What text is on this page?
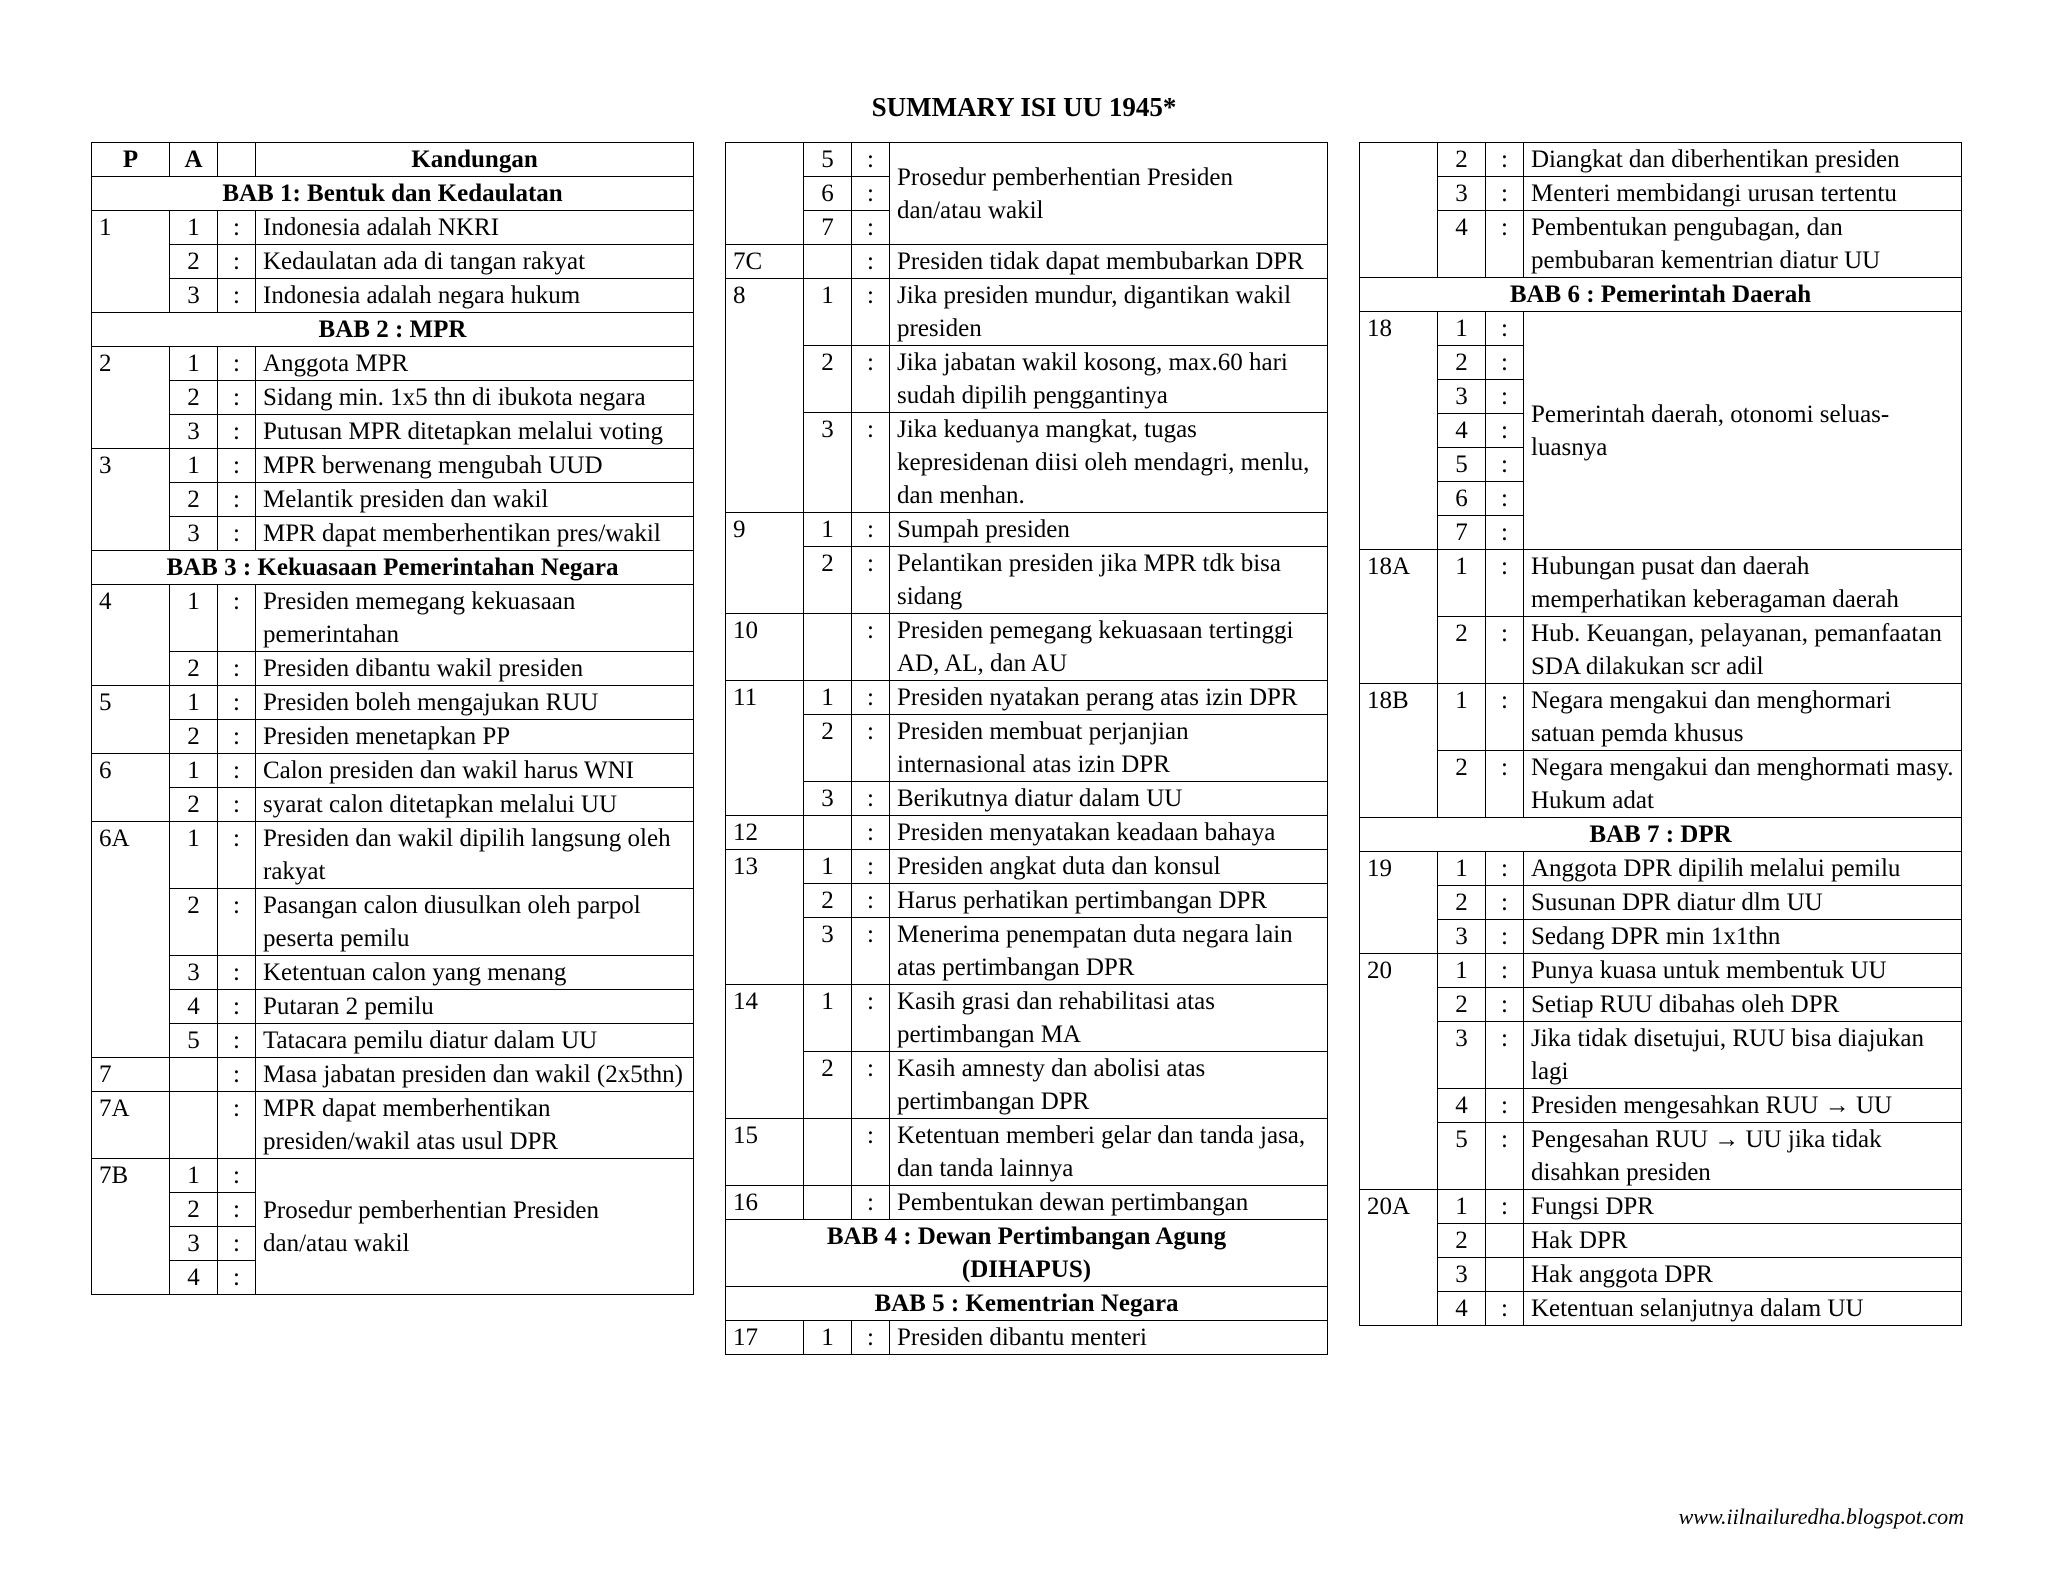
SUMMARY ISI UU 1945*
P	A		Kandungan
BAB 1: Bentuk dan Kedaulatan			
1	1	:	Indonesia adalah NKRI
	2	:	Kedaulatan ada di tangan rakyat
	3	:	Indonesia adalah negara hukum
BAB 2 : MPR			
2	1	:	Anggota MPR
	2	:	Sidang min. 1x5 thn di ibukota negara
	3	:	Putusan MPR ditetapkan melalui voting
3	1	:	MPR berwenang mengubah UUD
	2	:	Melantik presiden dan wakil
	3	:	MPR dapat memberhentikan pres/wakil
BAB 3 : Kekuasaan Pemerintahan Negara			
4	1	:	Presiden memegang kekuasaan pemerintahan
	2	:	Presiden dibantu wakil presiden
5	1	:	Presiden boleh mengajukan RUU
	2	:	Presiden menetapkan PP
6	1	:	Calon presiden dan wakil harus WNI
	2	:	syarat calon ditetapkan melalui UU
6A	1	:	Presiden dan wakil dipilih langsung oleh rakyat
	2	:	Pasangan calon diusulkan oleh parpol peserta pemilu
	3	:	Ketentuan calon yang menang
	4	:	Putaran 2 pemilu
	5	:	Tatacara pemilu diatur dalam UU
7		:	Masa jabatan presiden dan wakil (2x5thn)
7A		:	MPR dapat memberhentikan presiden/wakil atas usul DPR
7B	1	:	Prosedur pemberhentian Presiden dan/atau wakil
	2	:	
	3	:	
	4	:	
	5	:	Prosedur pemberhentian Presiden dan/atau wakil
	6	:	
	7	:	
7C		:	Presiden tidak dapat membubarkan DPR
8	1	:	Jika presiden mundur, digantikan wakil presiden
	2	:	Jika jabatan wakil kosong, max.60 hari sudah dipilih penggantinya
	3	:	Jika keduanya mangkat, tugas kepresidenan diisi oleh mendagri, menlu, dan menhan.
9	1	:	Sumpah presiden
	2	:	Pelantikan presiden jika MPR tdk bisa sidang
10		:	Presiden pemegang kekuasaan tertinggi AD, AL, dan AU
11	1	:	Presiden nyatakan perang atas izin DPR
	2	:	Presiden membuat perjanjian internasional atas izin DPR
	3	:	Berikutnya diatur dalam UU
12		:	Presiden menyatakan keadaan bahaya
13	1	:	Presiden angkat duta dan konsul
	2	:	Harus perhatikan pertimbangan DPR
	3	:	Menerima penempatan duta negara lain atas pertimbangan DPR
14	1	:	Kasih grasi dan rehabilitasi atas pertimbangan MA
	2	:	Kasih amnesty dan abolisi atas pertimbangan DPR
15		:	Ketentuan memberi gelar dan tanda jasa, dan tanda lainnya
16		:	Pembentukan dewan pertimbangan
BAB 4 : Dewan Pertimbangan Agung (DIHAPUS)			
BAB 5 : Kementrian Negara			
17	1	:	Presiden dibantu menteri
	2	:	Diangkat dan diberhentikan presiden
	3	:	Menteri membidangi urusan tertentu
	4	:	Pembentukan pengubagan, dan pembubaran kementrian diatur UU
BAB 6 : Pemerintah Daerah			
18	1	:	Pemerintah daerah, otonomi seluas-luasnya
	2	:	
	3	:	
	4	:	
	5	:	
	6	:	
	7	:	
18A	1	:	Hubungan pusat dan daerah memperhatikan keberagaman daerah
	2	:	Hub. Keuangan, pelayanan, pemanfaatan SDA dilakukan scr adil
18B	1	:	Negara mengakui dan menghormari satuan pemda khusus
	2	:	Negara mengakui dan menghormati masy. Hukum adat
BAB 7 : DPR			
19	1	:	Anggota DPR dipilih melalui pemilu
	2	:	Susunan DPR diatur dlm UU
	3	:	Sedang DPR min 1x1thn
20	1	:	Punya kuasa untuk membentuk UU
	2	:	Setiap RUU dibahas oleh DPR
	3	:	Jika tidak disetujui, RUU bisa diajukan lagi
	4	:	Presiden mengesahkan RUU → UU
	5	:	Pengesahan RUU → UU jika tidak disahkan presiden
20A	1	:	Fungsi DPR
	2		Hak DPR
	3		Hak anggota DPR
	4	:	Ketentuan selanjutnya dalam UU
www.iilnailuredha.blogspot.com
